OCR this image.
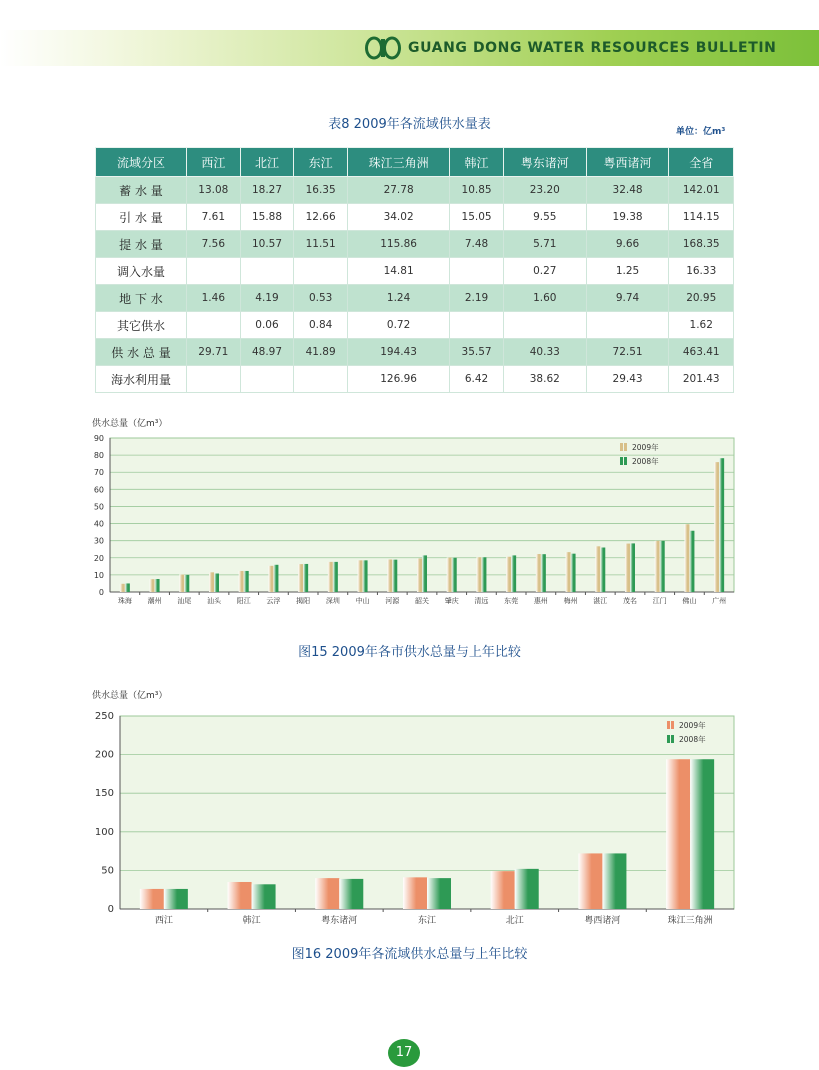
GUANG DONG WATER RESOURCES BULLETIN
表8 2009年各流域供水量表	单位：亿m³
流域分区	西江	北江	东江	珠江三角洲	韩江	粤东诸河	粤西诸河	全省
蓄 水 量	13.08	18.27	16.35	27.78	10.85	23.20	32.48	142.01
引 水 量	7.61	15.88	12.66	34.02	15.05	9.55	19.38	114.15
提 水 量	7.56	10.57	11.51	115.86	7.48	5.71	9.66	168.35
调入水量				14.81		0.27	1.25	16.33
地 下 水	1.46	4.19	0.53	1.24	2.19	1.60	9.74	20.95
其它供水		0.06	0.84	0.72				1.62
供 水 总 量	29.71	48.97	41.89	194.43	35.57	40.33	72.51	463.41
海水利用量				126.96	6.42	38.62	29.43	201.43
供水总量（亿m³）
0
10
20
30
40
50
60
70
80
90
珠海 潮州 汕尾 汕头 阳江 云浮 揭阳 深圳 中山 河源 韶关 肇庆 清远 东莞 惠州 梅州 湛江 茂名 江门 佛山 广州
2009年
2008年
图15 2009年各市供水总量与上年比较
供水总量（亿m³）
0
50
100
150
200
250
西江	韩江	粤东诸河	东江	北江	粤西诸河	珠江三角洲
2009年
2008年
图16 2009年各流域供水总量与上年比较
17
